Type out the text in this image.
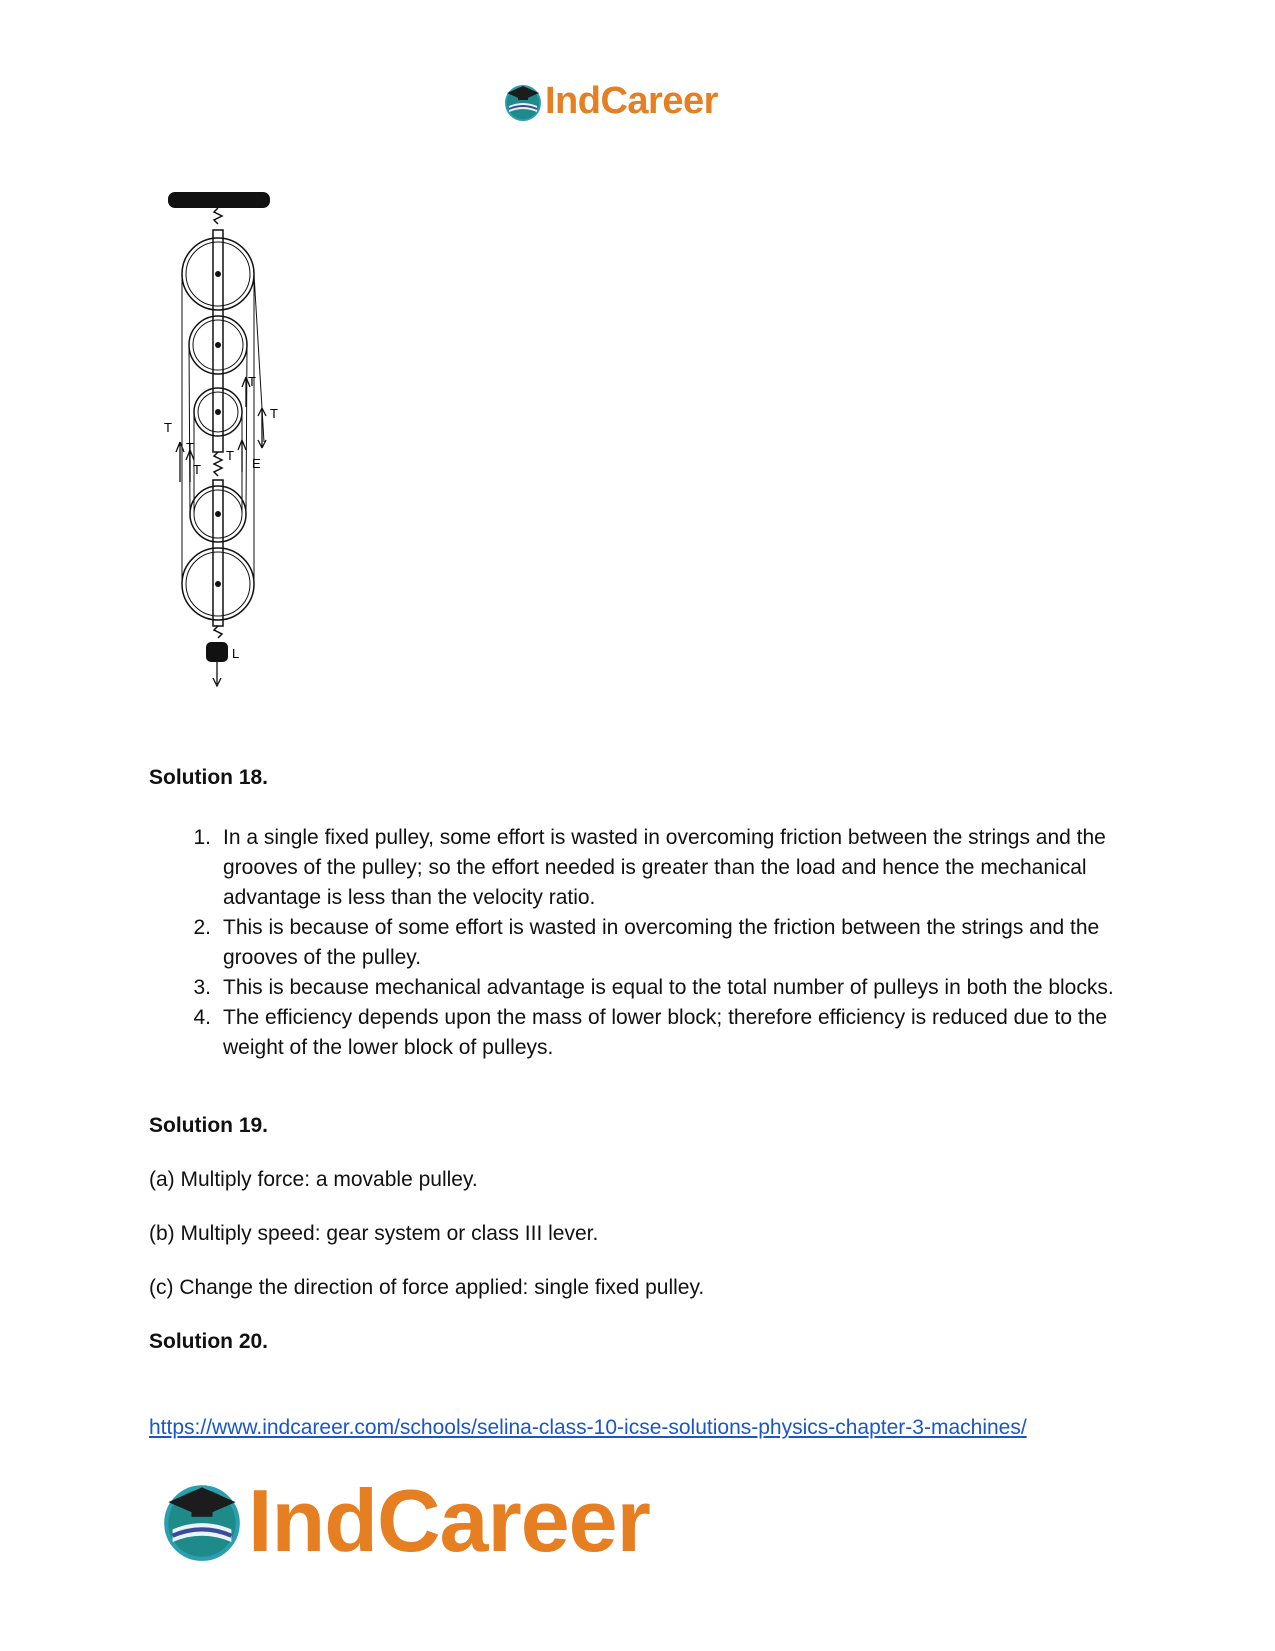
IndCareer
T
T
T
T
T
T
E
L
Solution 18.
1. In a single fixed pulley, some effort is wasted in overcoming friction between the strings and the grooves of the pulley; so the effort needed is greater than the load and hence the mechanical advantage is less than the velocity ratio.
2. This is because of some effort is wasted in overcoming the friction between the strings and the grooves of the pulley.
3. This is because mechanical advantage is equal to the total number of pulleys in both the blocks.
4. The efficiency depends upon the mass of lower block; therefore efficiency is reduced due to the weight of the lower block of pulleys.
Solution 19.
(a) Multiply force: a movable pulley.
(b) Multiply speed: gear system or class III lever.
(c) Change the direction of force applied: single fixed pulley.
Solution 20.
https://www.indcareer.com/schools/selina-class-10-icse-solutions-physics-chapter-3-machines/
IndCareer
